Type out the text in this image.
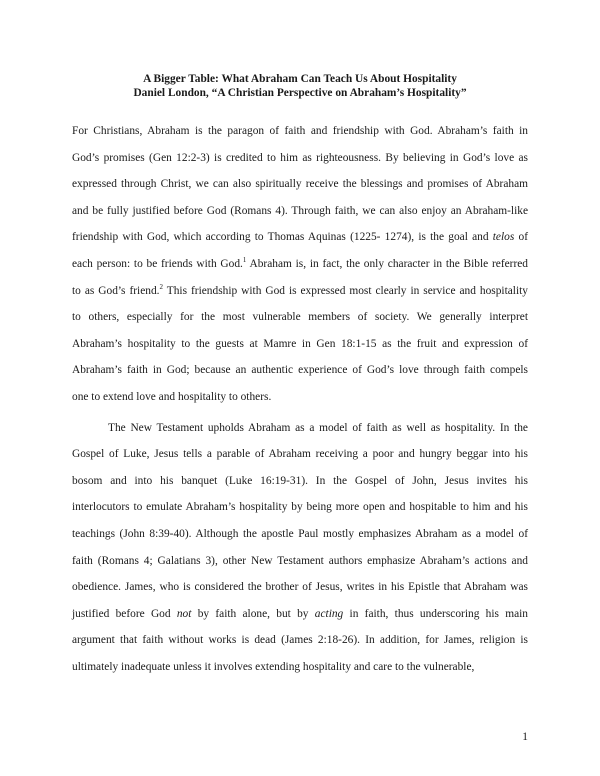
A Bigger Table: What Abraham Can Teach Us About Hospitality
Daniel London, “A Christian Perspective on Abraham’s Hospitality”

For Christians, Abraham is the paragon of faith and friendship with God. Abraham’s faith in
God’s promises (Gen 12:2-3) is credited to him as righteousness. By believing in God’s love as
expressed through Christ, we can also spiritually receive the blessings and promises of Abraham
and be fully justified before God (Romans 4). Through faith, we can also enjoy an Abraham-like
friendship with God, which according to Thomas Aquinas (1225- 1274), is the goal and telos of
each person: to be friends with God.$^1$ Abraham is, in fact, the only character in the Bible referred
to as God’s friend.$^2$ This friendship with God is expressed most clearly in service and hospitality
to others, especially for the most vulnerable members of society. We generally interpret
Abraham’s hospitality to the guests at Mamre in Gen 18:1-15 as the fruit and expression of
Abraham’s faith in God; because an authentic experience of God’s love through faith compels
one to extend love and hospitality to others.

The New Testament upholds Abraham as a model of faith as well as hospitality. In the
Gospel of Luke, Jesus tells a parable of Abraham receiving a poor and hungry beggar into his
bosom and into his banquet (Luke 16:19-31). In the Gospel of John, Jesus invites his
interlocutors to emulate Abraham’s hospitality by being more open and hospitable to him and his
teachings (John 8:39-40). Although the apostle Paul mostly emphasizes Abraham as a model of
faith (Romans 4; Galatians 3), other New Testament authors emphasize Abraham’s actions and
obedience. James, who is considered the brother of Jesus, writes in his Epistle that Abraham was
justified before God not by faith alone, but by acting in faith, thus underscoring his main
argument that faith without works is dead (James 2:18-26). In addition, for James, religion is
ultimately inadequate unless it involves extending hospitality and care to the vulnerable,

1
